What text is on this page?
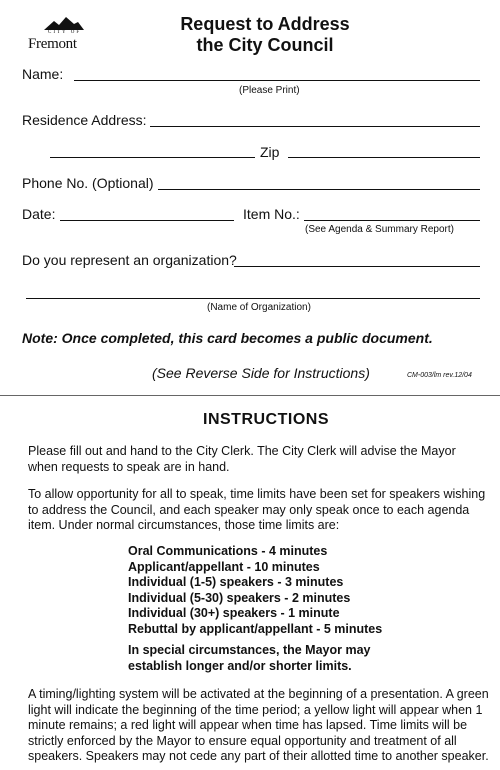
CITY OF
Fremont
Request to Address
the City Council
Name:
(Please Print)
Residence Address:
Zip
Phone No. (Optional)
Date:	Item No.:
(See Agenda & Summary Report)
Do you represent an organization?
(Name of Organization)
Note: Once completed, this card becomes a public document.
(See Reverse Side for Instructions)	CM-003/lm rev.12/04
INSTRUCTIONS
Please fill out and hand to the City Clerk. The City Clerk will advise the Mayor when requests to speak are in hand.
To allow opportunity for all to speak, time limits have been set for speakers wishing to address the Council, and each speaker may only speak once to each agenda item. Under normal circumstances, those time limits are:
Oral Communications - 4 minutes
Applicant/appellant - 10 minutes
Individual (1-5) speakers - 3 minutes
Individual (5-30) speakers - 2 minutes
Individual (30+) speakers - 1 minute
Rebuttal by applicant/appellant - 5 minutes
In special circumstances, the Mayor may establish longer and/or shorter limits.
A timing/lighting system will be activated at the beginning of a presentation. A green light will indicate the beginning of the time period; a yellow light will appear when 1 minute remains; a red light will appear when time has lapsed. Time limits will be strictly enforced by the Mayor to ensure equal opportunity and treatment of all speakers. Speakers may not cede any part of their allotted time to another speaker.
